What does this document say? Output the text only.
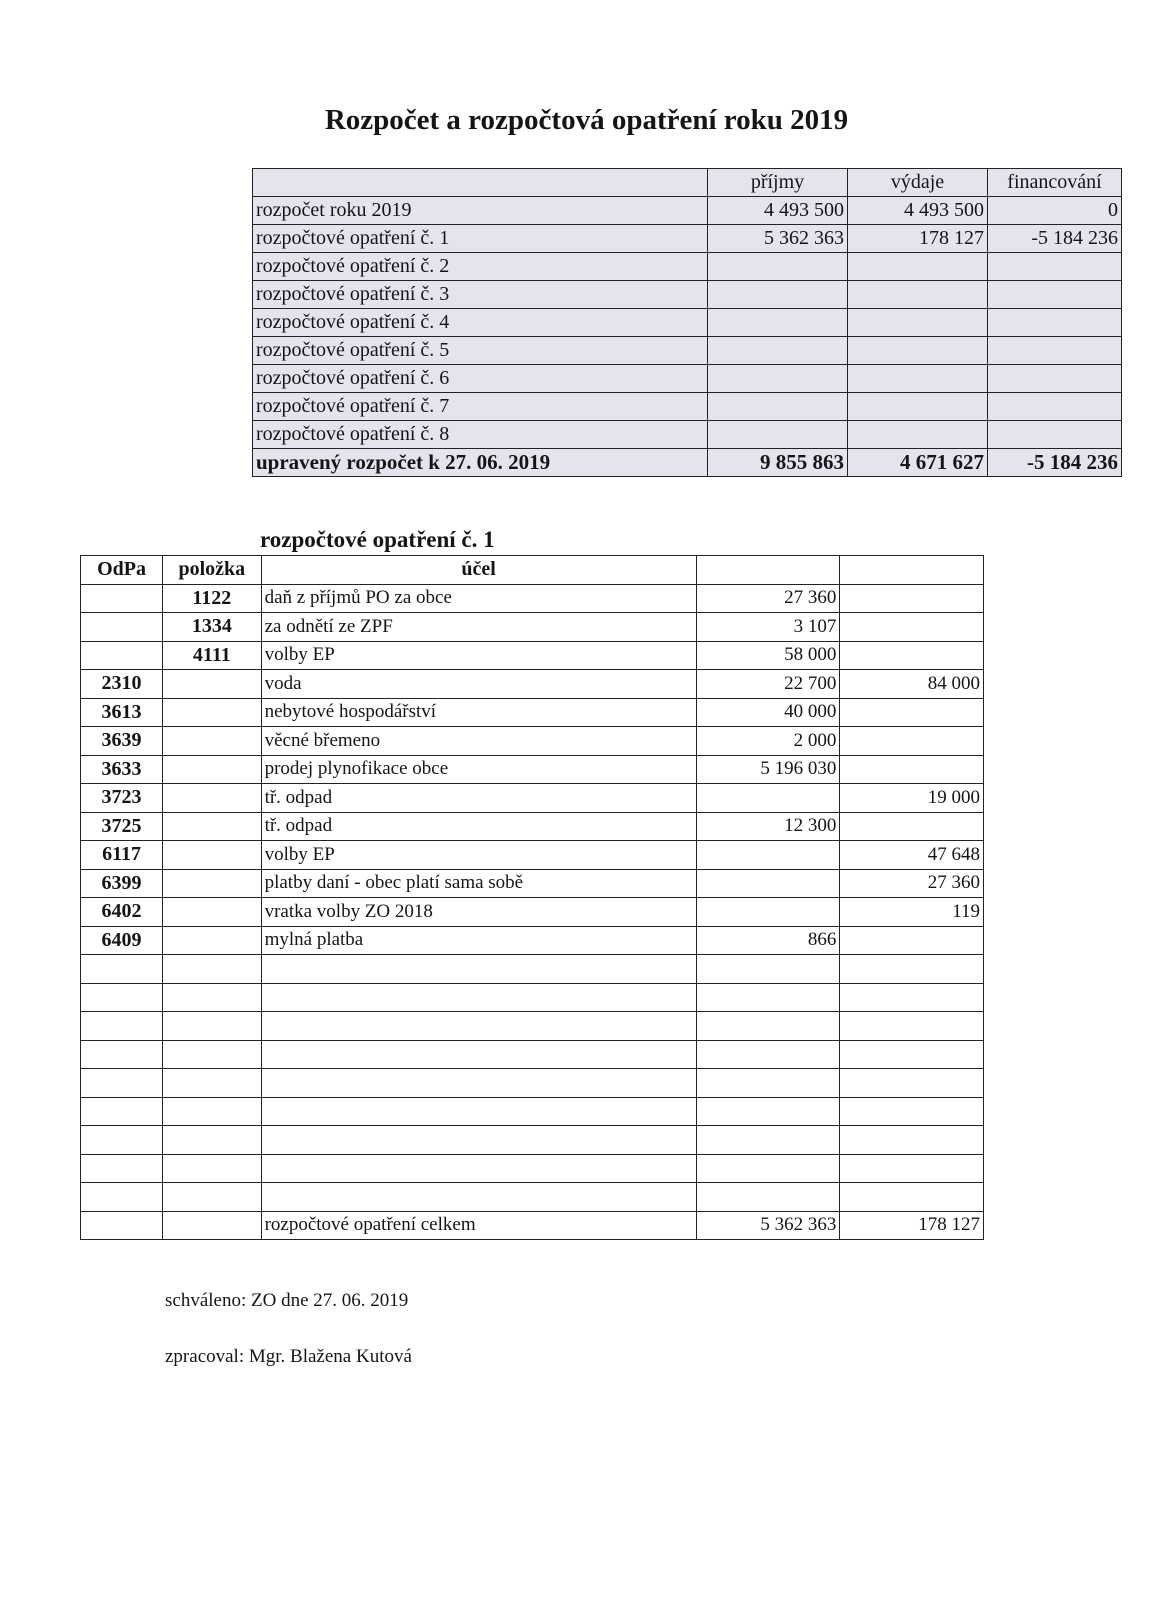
Rozpočet a rozpočtová opatření roku 2019
	příjmy	výdaje	financování
rozpočet roku 2019	4 493 500	4 493 500	0
rozpočtové opatření č. 1	5 362 363	178 127	-5 184 236
rozpočtové opatření č. 2			
rozpočtové opatření č. 3			
rozpočtové opatření č. 4			
rozpočtové opatření č. 5			
rozpočtové opatření č. 6			
rozpočtové opatření č. 7			
rozpočtové opatření č. 8			
upravený rozpočet k 27. 06. 2019	9 855 863	4 671 627	-5 184 236
rozpočtové opatření č. 1
OdPa	položka	účel		
	1122	daň z příjmů PO za obce	27 360	
	1334	za odnětí ze ZPF	3 107	
	4111	volby EP	58 000	
2310		voda	22 700	84 000
3613		nebytové hospodářství	40 000	
3639		věcné břemeno	2 000	
3633		prodej plynofikace obce	5 196 030	
3723		tř. odpad		19 000
3725		tř. odpad	12 300	
6117		volby EP		47 648
6399		platby daní - obec platí sama sobě		27 360
6402		vratka volby ZO 2018		119
6409		mylná platba	866	

		rozpočtové opatření celkem	5 362 363	178 127

schváleno: ZO dne 27. 06. 2019

zpracoval: Mgr. Blažena Kutová
